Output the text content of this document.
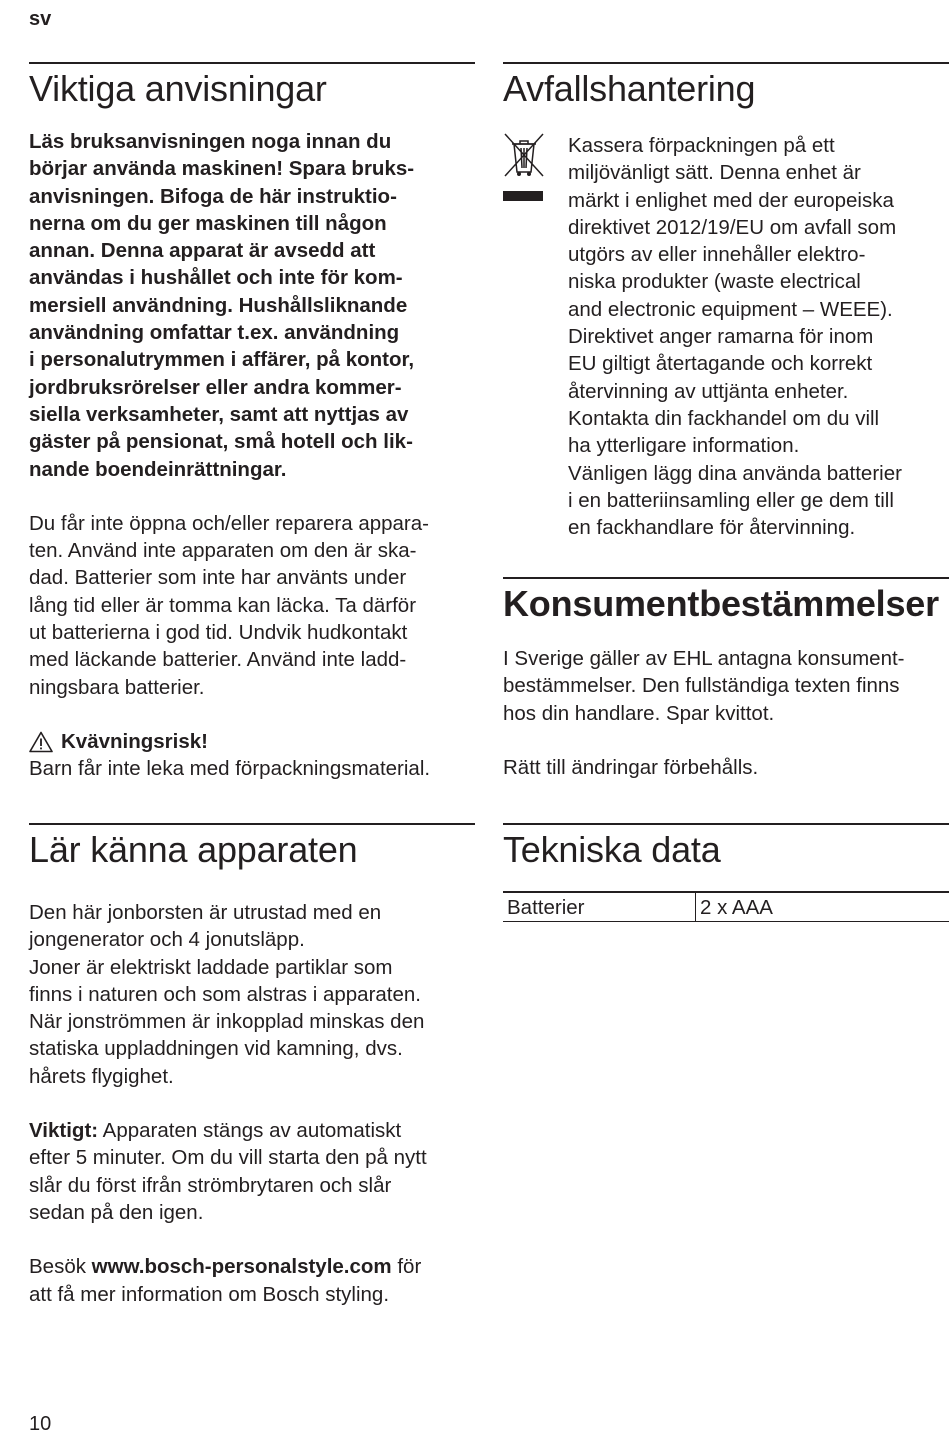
sv
Viktiga anvisningar

Läs bruksanvisningen noga innan du
börjar använda maskinen! Spara bruks-
anvisningen. Bifoga de här instruktio-
nerna om du ger maskinen till någon
annan. Denna apparat är avsedd att
användas i hushållet och inte för kom-
mersiell användning. Hushållsliknande
användning omfattar t.ex. användning
i personalutrymmen i affärer, på kontor,
jordbruksrörelser eller andra kommer-
siella verksamheter, samt att nyttjas av
gäster på pensionat, små hotell och lik-
nande boendeinrättningar.

Du får inte öppna och/eller reparera appara-
ten. Använd inte apparaten om den är ska-
dad. Batterier som inte har använts under
lång tid eller är tomma kan läcka. Ta därför
ut batterierna i god tid. Undvik hudkontakt
med läckande batterier. Använd inte ladd-
ningsbara batterier.

Kvävningsrisk!

Barn får inte leka med förpackningsmaterial.

Avfallshantering

Kassera förpackningen på ett
miljövänligt sätt. Denna enhet är
märkt i enlighet med der europeiska
direktivet 2012/19/EU om avfall som
utgörs av eller innehåller elektro-
niska produkter (waste electrical
and electronic equipment – WEEE).
Direktivet anger ramarna för inom
EU giltigt återtagande och korrekt
återvinning av uttjänta enheter.
Kontakta din fackhandel om du vill
ha ytterligare information.
Vänligen lägg dina använda batterier
i en batteriinsamling eller ge dem till
en fackhandlare för återvinning.

Konsumentbestämmelser

I Sverige gäller av EHL antagna konsument-
bestämmelser. Den fullständiga texten finns
hos din handlare. Spar kvittot.

Rätt till ändringar förbehålls.

Lär känna apparaten

Den här jonborsten är utrustad med en
jongenerator och 4 jonutsläpp.
Joner är elektriskt laddade partiklar som
finns i naturen och som alstras i apparaten.
När jonströmmen är inkopplad minskas den
statiska uppladdningen vid kamning, dvs.
hårets flygighet.

Viktigt: Apparaten stängs av automatiskt
efter 5 minuter. Om du vill starta den på nytt
slår du först ifrån strömbrytaren och slår
sedan på den igen.

Besök www.bosch-personalstyle.com för
att få mer information om Bosch styling.

Tekniska data
Batterier	2 x AAA
10
